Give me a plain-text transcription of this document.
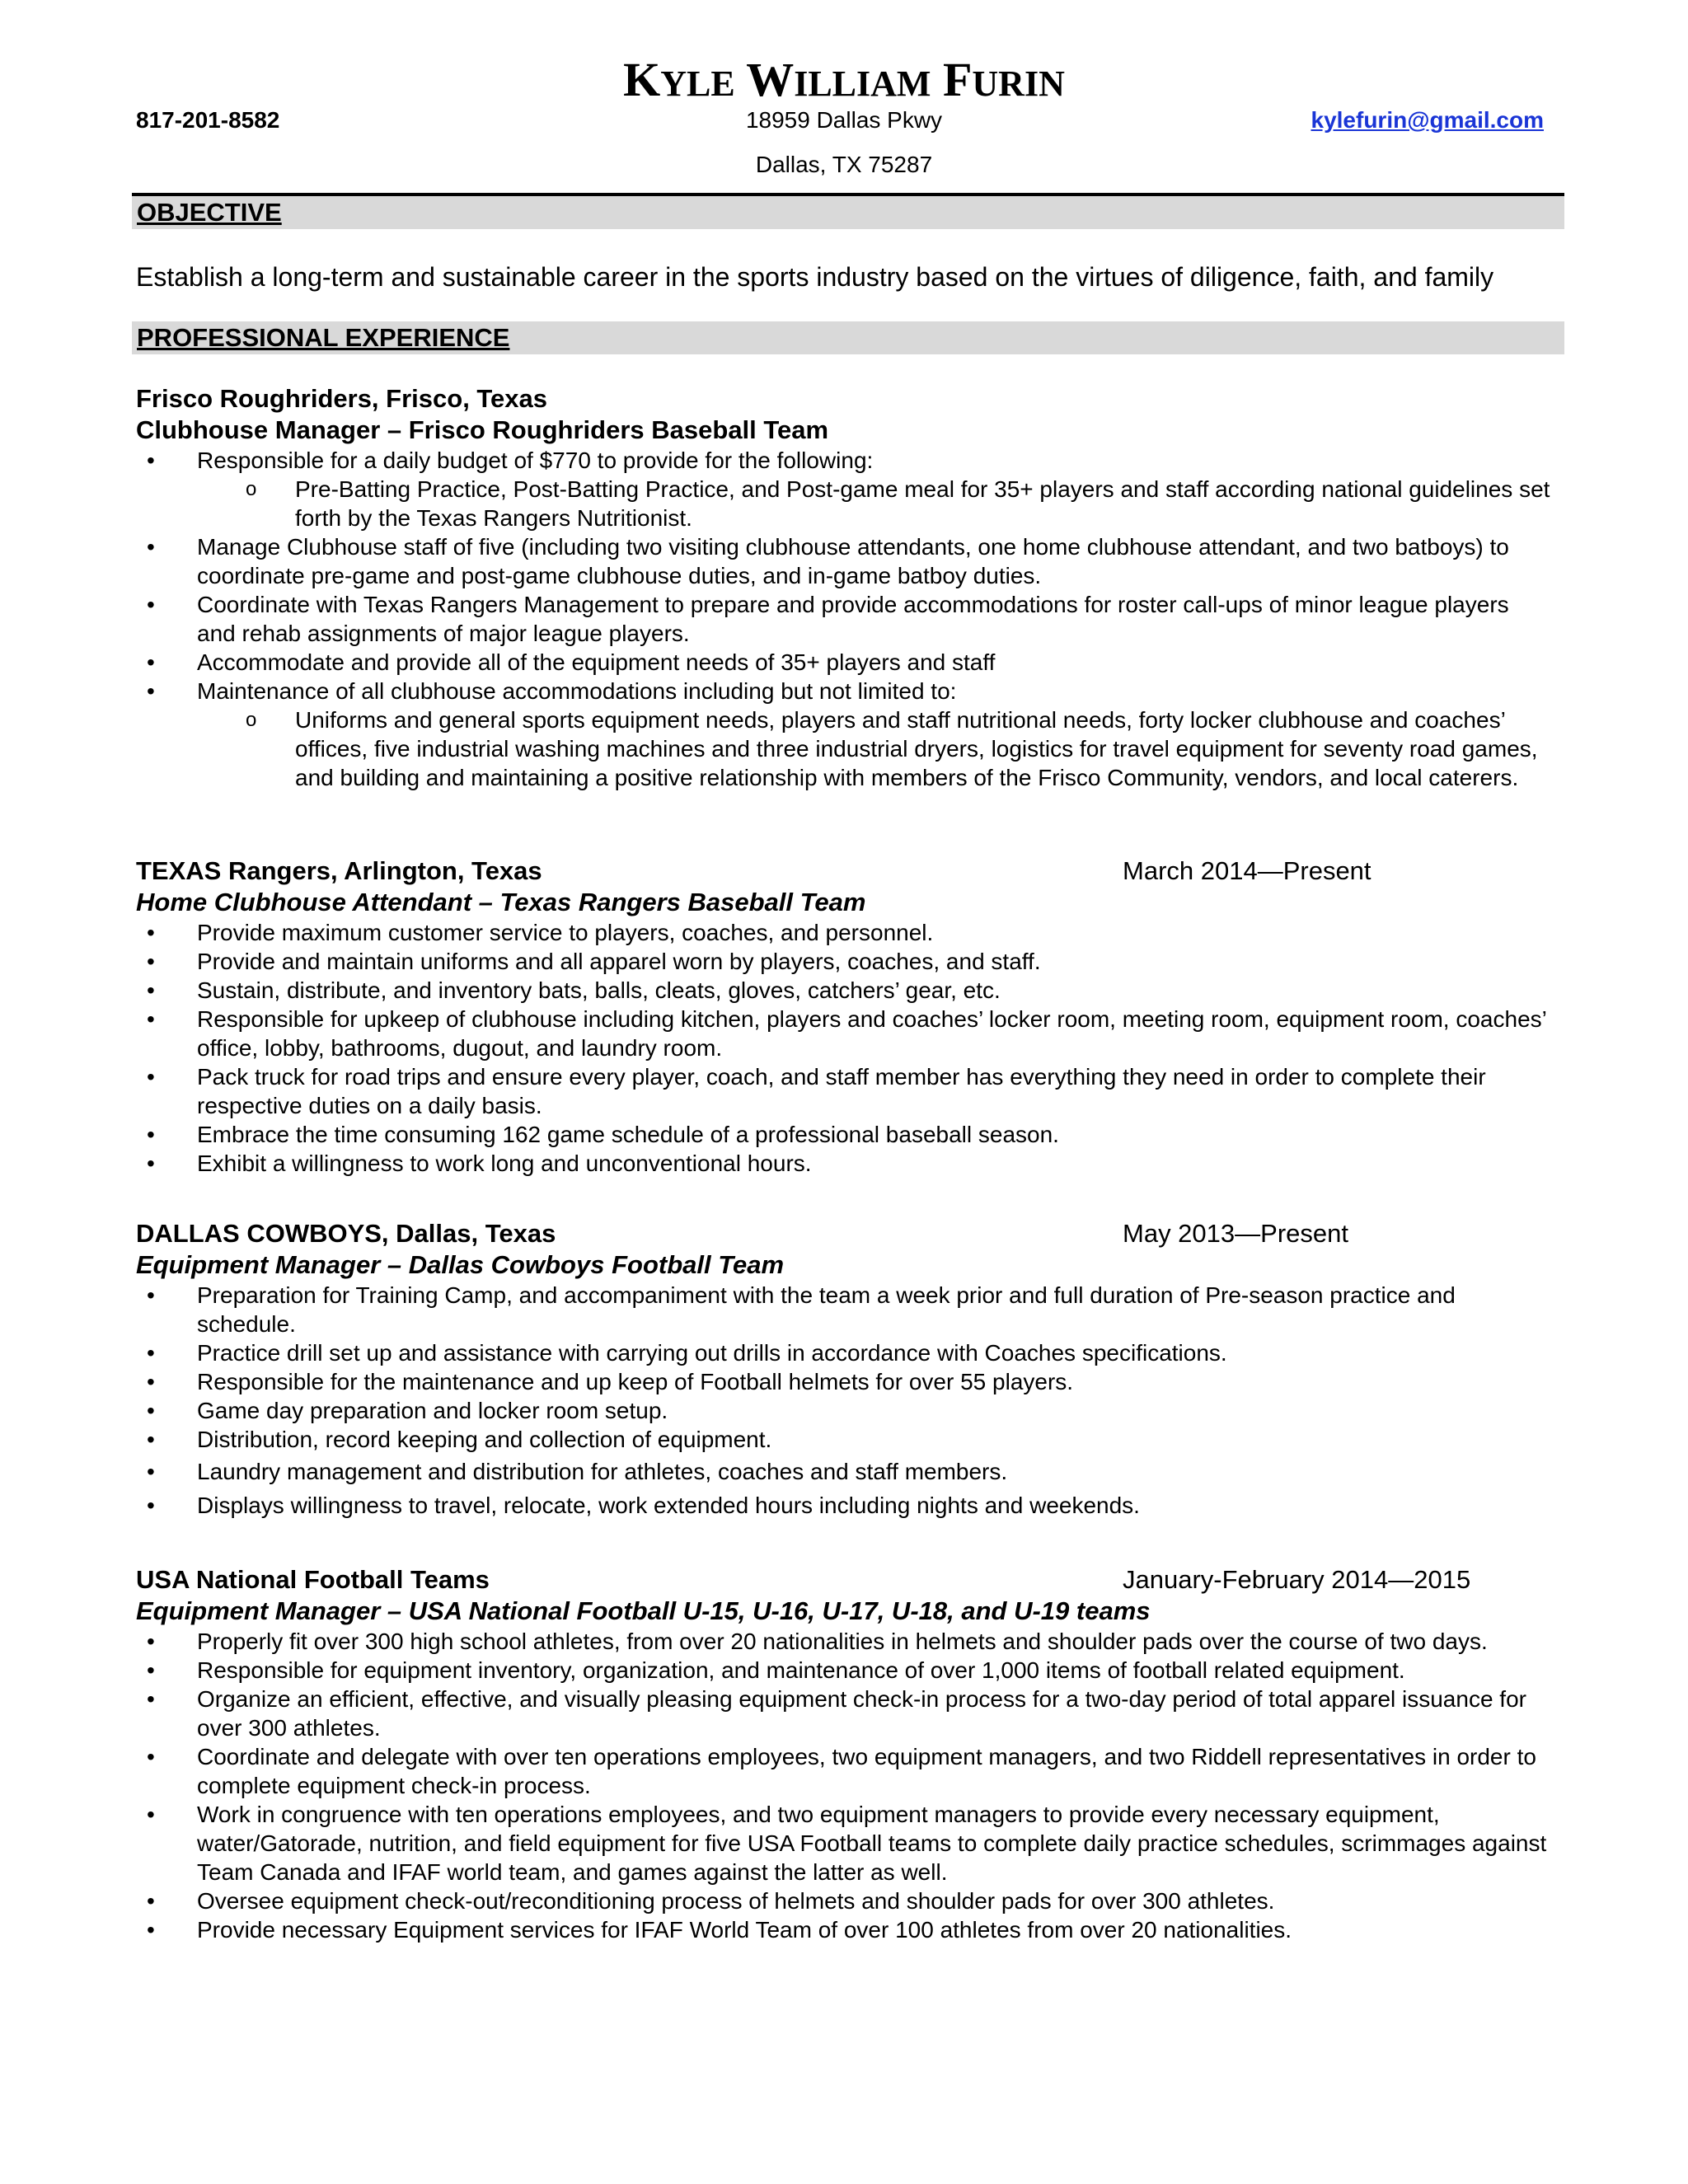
KYLE WILLIAM FURIN
817-201-8582	18959 Dallas Pkwy
Dallas, TX 75287
kylefurin@gmail.com
OBJECTIVE
Establish a long-term and sustainable career in the sports industry based on the virtues of diligence, faith, and family
PROFESSIONAL EXPERIENCE
Frisco Roughriders, Frisco, Texas
Clubhouse Manager – Frisco Roughriders Baseball Team
• Responsible for a daily budget of $770 to provide for the following:
o Pre-Batting Practice, Post-Batting Practice, and Post-game meal for 35+ players and staff according national guidelines set forth by the Texas Rangers Nutritionist.
• Manage Clubhouse staff of five (including two visiting clubhouse attendants, one home clubhouse attendant, and two batboys) to coordinate pre-game and post-game clubhouse duties, and in-game batboy duties.
• Coordinate with Texas Rangers Management to prepare and provide accommodations for roster call-ups of minor league players and rehab assignments of major league players.
• Accommodate and provide all of the equipment needs of 35+ players and staff
• Maintenance of all clubhouse accommodations including but not limited to:
o Uniforms and general sports equipment needs, players and staff nutritional needs, forty locker clubhouse and coaches’ offices, five industrial washing machines and three industrial dryers, logistics for travel equipment for seventy road games, and building and maintaining a positive relationship with members of the Frisco Community, vendors, and local caterers.
TEXAS Rangers, Arlington, Texas
Home Clubhouse Attendant – Texas Rangers Baseball Team
• Provide maximum customer service to players, coaches, and personnel.
• Provide and maintain uniforms and all apparel worn by players, coaches, and staff.
• Sustain, distribute, and inventory bats, balls, cleats, gloves, catchers’ gear, etc.
• Responsible for upkeep of clubhouse including kitchen, players and coaches’ locker room, meeting room, equipment room, coaches’ office, lobby, bathrooms, dugout, and laundry room.
• Pack truck for road trips and ensure every player, coach, and staff member has everything they need in order to complete their respective duties on a daily basis.
• Embrace the time consuming 162 game schedule of a professional baseball season.
• Exhibit a willingness to work long and unconventional hours.
March 2014—Present
DALLAS COWBOYS, Dallas, Texas
Equipment Manager – Dallas Cowboys Football Team
• Preparation for Training Camp, and accompaniment with the team a week prior and full duration of Pre-season practice and schedule.
• Practice drill set up and assistance with carrying out drills in accordance with Coaches specifications.
• Responsible for the maintenance and up keep of Football helmets for over 55 players.
• Game day preparation and locker room setup.
• Distribution, record keeping and collection of equipment.
• Laundry management and distribution for athletes, coaches and staff members.
• Displays willingness to travel, relocate, work extended hours including nights and weekends.
May 2013—Present
USA National Football Teams
Equipment Manager – USA National Football U-15, U-16, U-17, U-18, and U-19 teams
• Properly fit over 300 high school athletes, from over 20 nationalities in helmets and shoulder pads over the course of two days.
• Responsible for equipment inventory, organization, and maintenance of over 1,000 items of football related equipment.
• Organize an efficient, effective, and visually pleasing equipment check-in process for a two-day period of total apparel issuance for over 300 athletes.
• Coordinate and delegate with over ten operations employees, two equipment managers, and two Riddell representatives in order to complete equipment check-in process.
• Work in congruence with ten operations employees, and two equipment managers to provide every necessary equipment, water/Gatorade, nutrition, and field equipment for five USA Football teams to complete daily practice schedules, scrimmages against Team Canada and IFAF world team, and games against the latter as well.
• Oversee equipment check-out/reconditioning process of helmets and shoulder pads for over 300 athletes.
• Provide necessary Equipment services for IFAF World Team of over 100 athletes from over 20 nationalities.
January-February 2014—2015
